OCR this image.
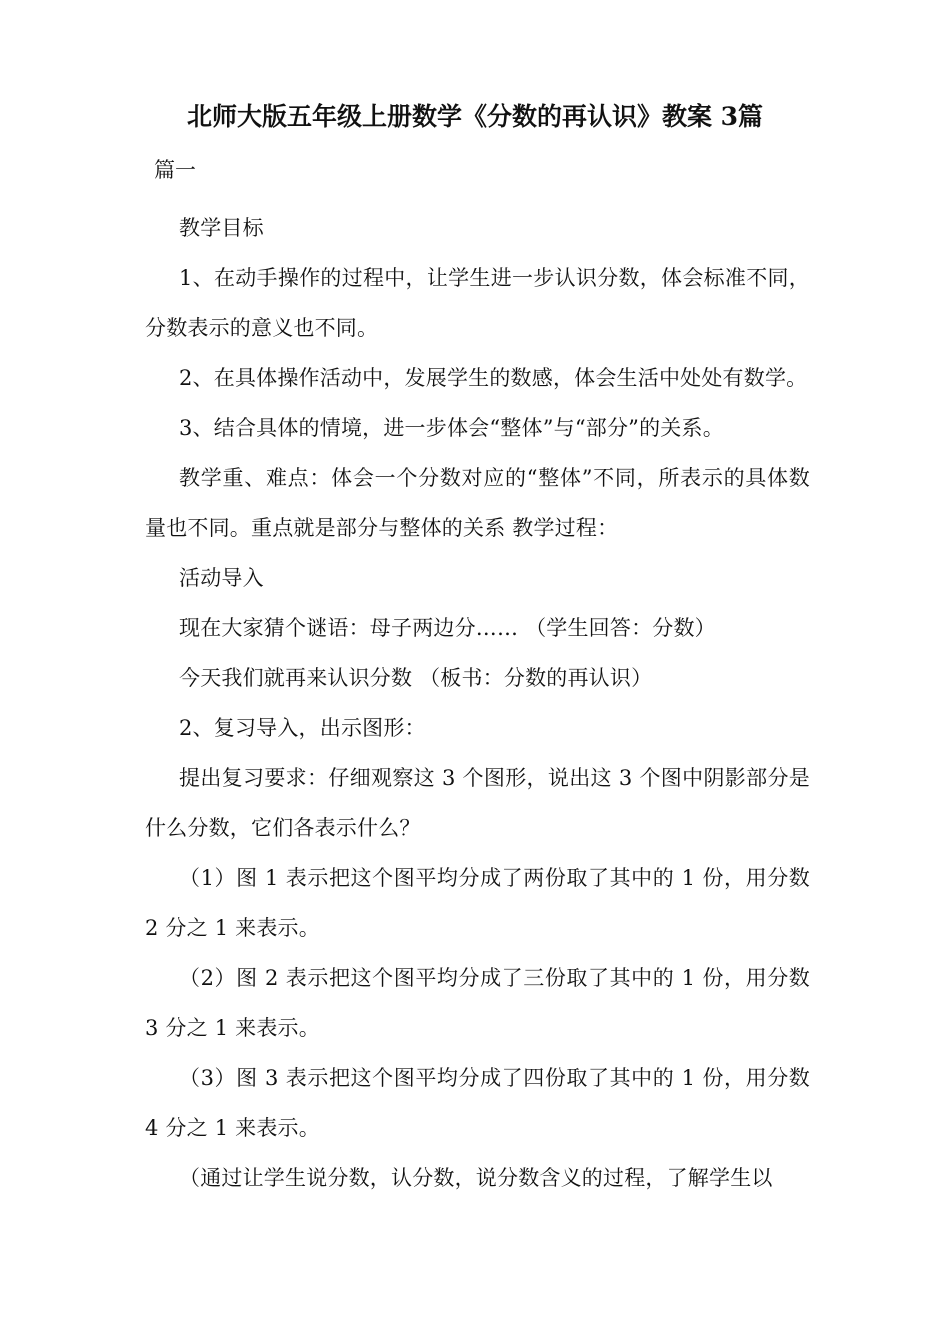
北师大版五年级上册数学《分数的再认识》教案 3篇
篇一

教学目标

1、在动手操作的过程中，让学生进一步认识分数，体会标准不同，分数表示的意义也不同。

2、在具体操作活动中，发展学生的数感，体会生活中处处有数学。

3、结合具体的情境，进一步体会“整体”与“部分”的关系。

教学重、难点：体会一个分数对应的“整体”不同，所表示的具体数量也不同。重点就是部分与整体的关系 教学过程：

活动导入

现在大家猜个谜语：母子两边分…… （学生回答：分数）

今天我们就再来认识分数 （板书：分数的再认识）

2、复习导入，出示图形：

提出复习要求：仔细观察这 3 个图形，说出这 3 个图中阴影部分是什么分数，它们各表示什么？

（1）图 1 表示把这个图平均分成了两份取了其中的 1 份，用分数 2 分之 1 来表示。

（2）图 2 表示把这个图平均分成了三份取了其中的 1 份，用分数 3 分之 1 来表示。

（3）图 3 表示把这个图平均分成了四份取了其中的 1 份，用分数 4 分之 1 来表示。

（通过让学生说分数，认分数，说分数含义的过程，了解学生以
